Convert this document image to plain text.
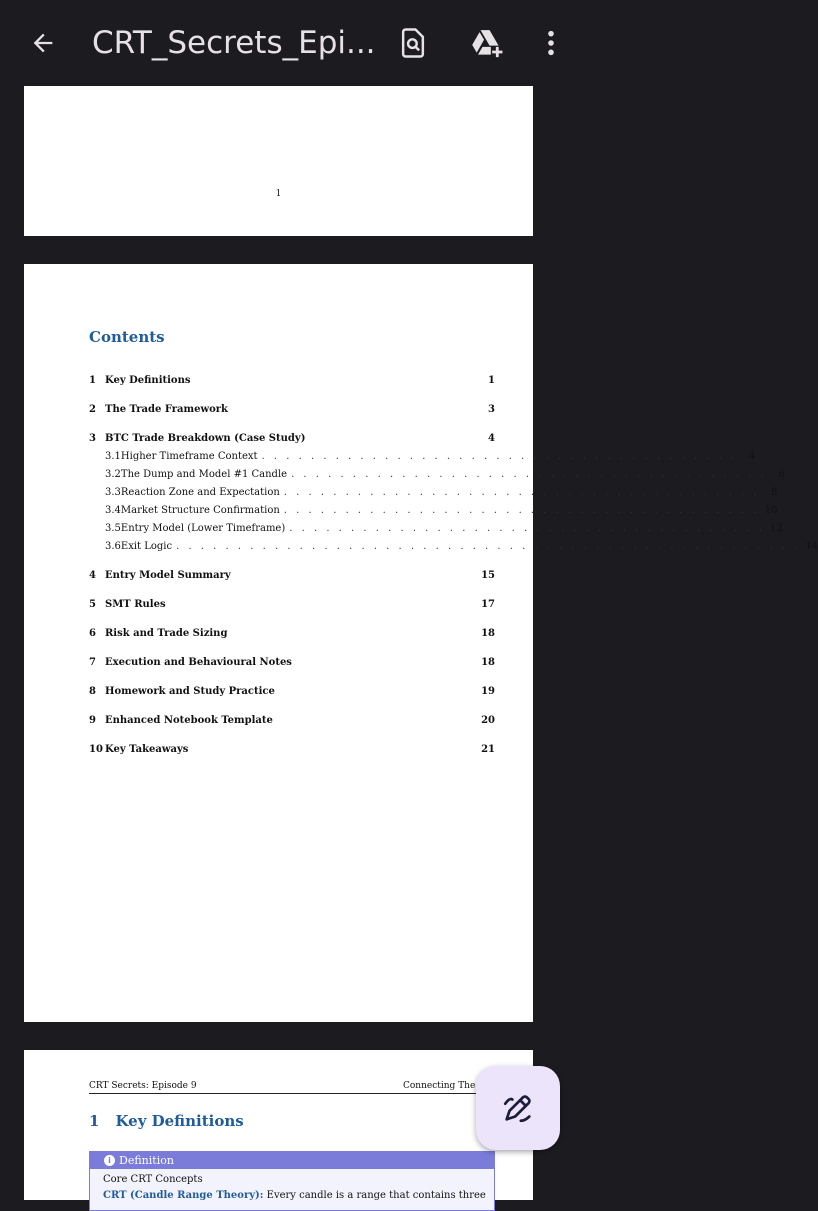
CRT_Secrets_Epi...
1
Contents
1 Key Definitions	1
2 The Trade Framework	3
3 BTC Trade Breakdown (Case Study)	4
3.1 Higher Timeframe Context . . . . . . . . . . . . . . . . . . . . . . . . . . . . . . . . . . . . . . .	4
3.2 The Dump and Model #1 Candle . . . . . . . . . . . . . . . . . . . . . . . . . . . . . . . . . . . . . . .	6
3.3 Reaction Zone and Expectation . . . . . . . . . . . . . . . . . . . . . . . . . . . . . . . . . . . . . . .	8
3.4 Market Structure Confirmation . . . . . . . . . . . . . . . . . . . . . . . . . . . . . . . . . . . . . . . 10
3.5 Entry Model (Lower Timeframe) . . . . . . . . . . . . . . . . . . . . . . . . . . . . . . . . . . . . . . . 12
3.6 Exit Logic . . . . . . . . . . . . . . . . . . . . . . . . . . . . . . . . . . . . . . . . . . . . . . . . . . . 14
4 Entry Model Summary	15
5 SMT Rules	17
6 Risk and Trade Sizing	18
7 Execution and Behavioural Notes	18
8 Homework and Study Practice	19
9 Enhanced Notebook Template	20
10 Key Takeaways	21
CRT Secrets: Episode 9	Connecting The
1 Key Definitions
i Definition
Core CRT Concepts
CRT (Candle Range Theory): Every candle is a range that contains three
